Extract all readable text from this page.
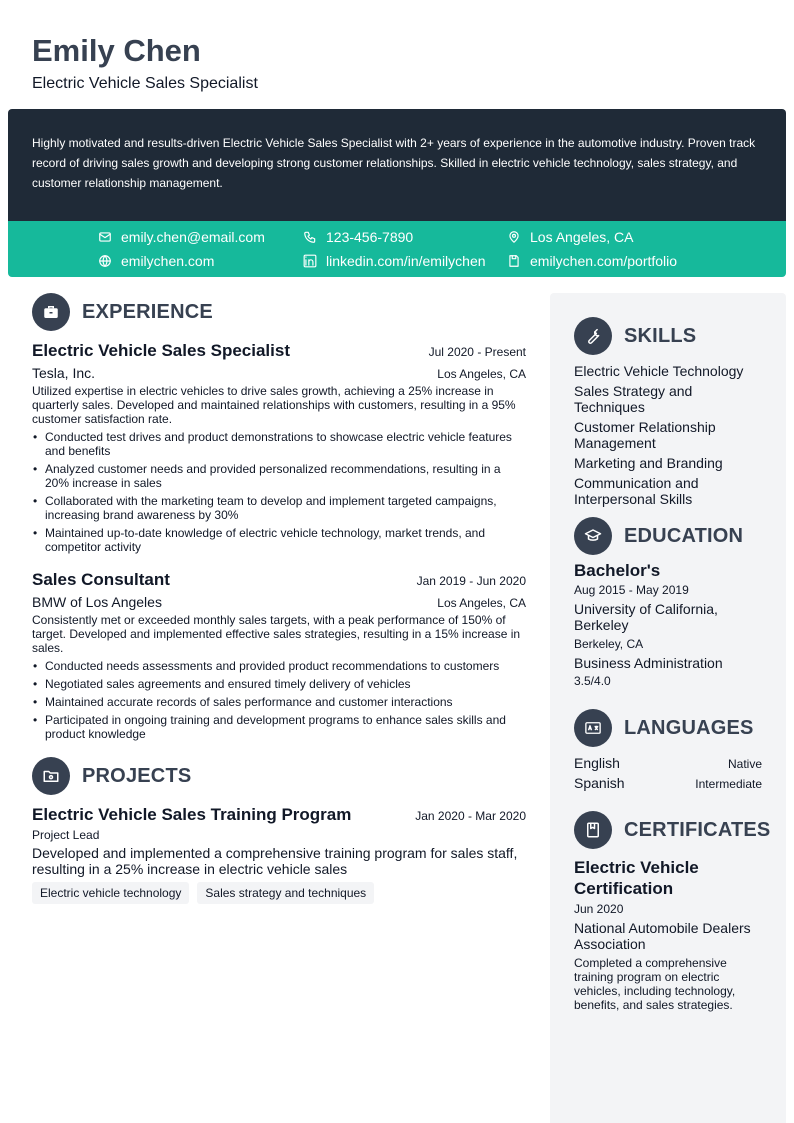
Emily Chen
Electric Vehicle Sales Specialist
Highly motivated and results-driven Electric Vehicle Sales Specialist with 2+ years of experience in the automotive industry. Proven track record of driving sales growth and developing strong customer relationships. Skilled in electric vehicle technology, sales strategy, and customer relationship management.
emily.chen@email.com	123-456-7890	Los Angeles, CA
emilychen.com	linkedin.com/in/emilychen	emilychen.com/portfolio
EXPERIENCE
Electric Vehicle Sales Specialist	Jul 2020 - Present
Tesla, Inc.	Los Angeles, CA
Utilized expertise in electric vehicles to drive sales growth, achieving a 25% increase in quarterly sales. Developed and maintained relationships with customers, resulting in a 95% customer satisfaction rate.
• Conducted test drives and product demonstrations to showcase electric vehicle features and benefits
• Analyzed customer needs and provided personalized recommendations, resulting in a 20% increase in sales
• Collaborated with the marketing team to develop and implement targeted campaigns, increasing brand awareness by 30%
• Maintained up-to-date knowledge of electric vehicle technology, market trends, and competitor activity
Sales Consultant	Jan 2019 - Jun 2020
BMW of Los Angeles	Los Angeles, CA
Consistently met or exceeded monthly sales targets, with a peak performance of 150% of target. Developed and implemented effective sales strategies, resulting in a 15% increase in sales.
• Conducted needs assessments and provided product recommendations to customers
• Negotiated sales agreements and ensured timely delivery of vehicles
• Maintained accurate records of sales performance and customer interactions
• Participated in ongoing training and development programs to enhance sales skills and product knowledge
PROJECTS
Electric Vehicle Sales Training Program	Jan 2020 - Mar 2020
Project Lead
Developed and implemented a comprehensive training program for sales staff, resulting in a 25% increase in electric vehicle sales
Electric vehicle technology	Sales strategy and techniques
SKILLS
Electric Vehicle Technology
Sales Strategy and Techniques
Customer Relationship Management
Marketing and Branding
Communication and Interpersonal Skills
EDUCATION
Bachelor's
Aug 2015 - May 2019
University of California, Berkeley
Berkeley, CA
Business Administration
3.5/4.0
LANGUAGES
English	Native
Spanish	Intermediate
CERTIFICATES
Electric Vehicle Certification
Jun 2020
National Automobile Dealers Association
Completed a comprehensive training program on electric vehicles, including technology, benefits, and sales strategies.
